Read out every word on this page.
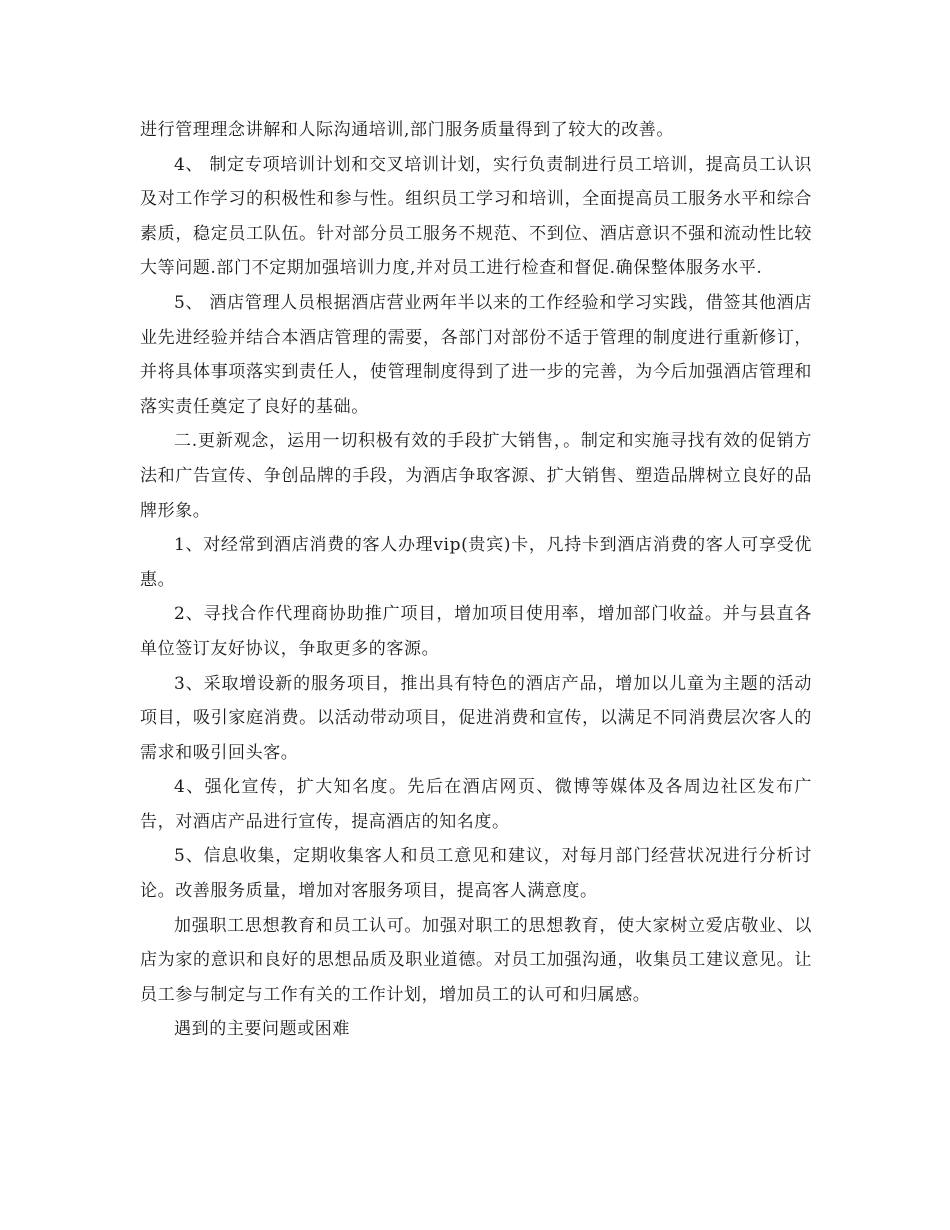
进行管理理念讲解和人际沟通培训,部门服务质量得到了较大的改善。

4、 制定专项培训计划和交叉培训计划，实行负责制进行员工培训，提高员工认识及对工作学习的积极性和参与性。组织员工学习和培训，全面提高员工服务水平和综合素质，稳定员工队伍。针对部分员工服务不规范、不到位、酒店意识不强和流动性比较大等问题.部门不定期加强培训力度,并对员工进行检查和督促.确保整体服务水平.

5、 酒店管理人员根据酒店营业两年半以来的工作经验和学习实践，借签其他酒店业先进经验并结合本酒店管理的需要，各部门对部份不适于管理的制度进行重新修订，并将具体事项落实到责任人，使管理制度得到了进一步的完善，为今后加强酒店管理和落实责任奠定了良好的基础。

二.更新观念，运用一切积极有效的手段扩大销售，。制定和实施寻找有效的促销方法和广告宣传、争创品牌的手段，为酒店争取客源、扩大销售、塑造品牌树立良好的品牌形象。

1、对经常到酒店消费的客人办理vip(贵宾)卡，凡持卡到酒店消费的客人可享受优惠。

2、寻找合作代理商协助推广项目，增加项目使用率，增加部门收益。并与县直各单位签订友好协议，争取更多的客源。

3、采取增设新的服务项目，推出具有特色的酒店产品，增加以儿童为主题的活动项目，吸引家庭消费。以活动带动项目，促进消费和宣传，以满足不同消费层次客人的需求和吸引回头客。

4、强化宣传，扩大知名度。先后在酒店网页、微博等媒体及各周边社区发布广告，对酒店产品进行宣传，提高酒店的知名度。

5、信息收集，定期收集客人和员工意见和建议，对每月部门经营状况进行分析讨论。改善服务质量，增加对客服务项目，提高客人满意度。

加强职工思想教育和员工认可。加强对职工的思想教育，使大家树立爱店敬业、以店为家的意识和良好的思想品质及职业道德。对员工加强沟通，收集员工建议意见。让员工参与制定与工作有关的工作计划，增加员工的认可和归属感。

遇到的主要问题或困难
